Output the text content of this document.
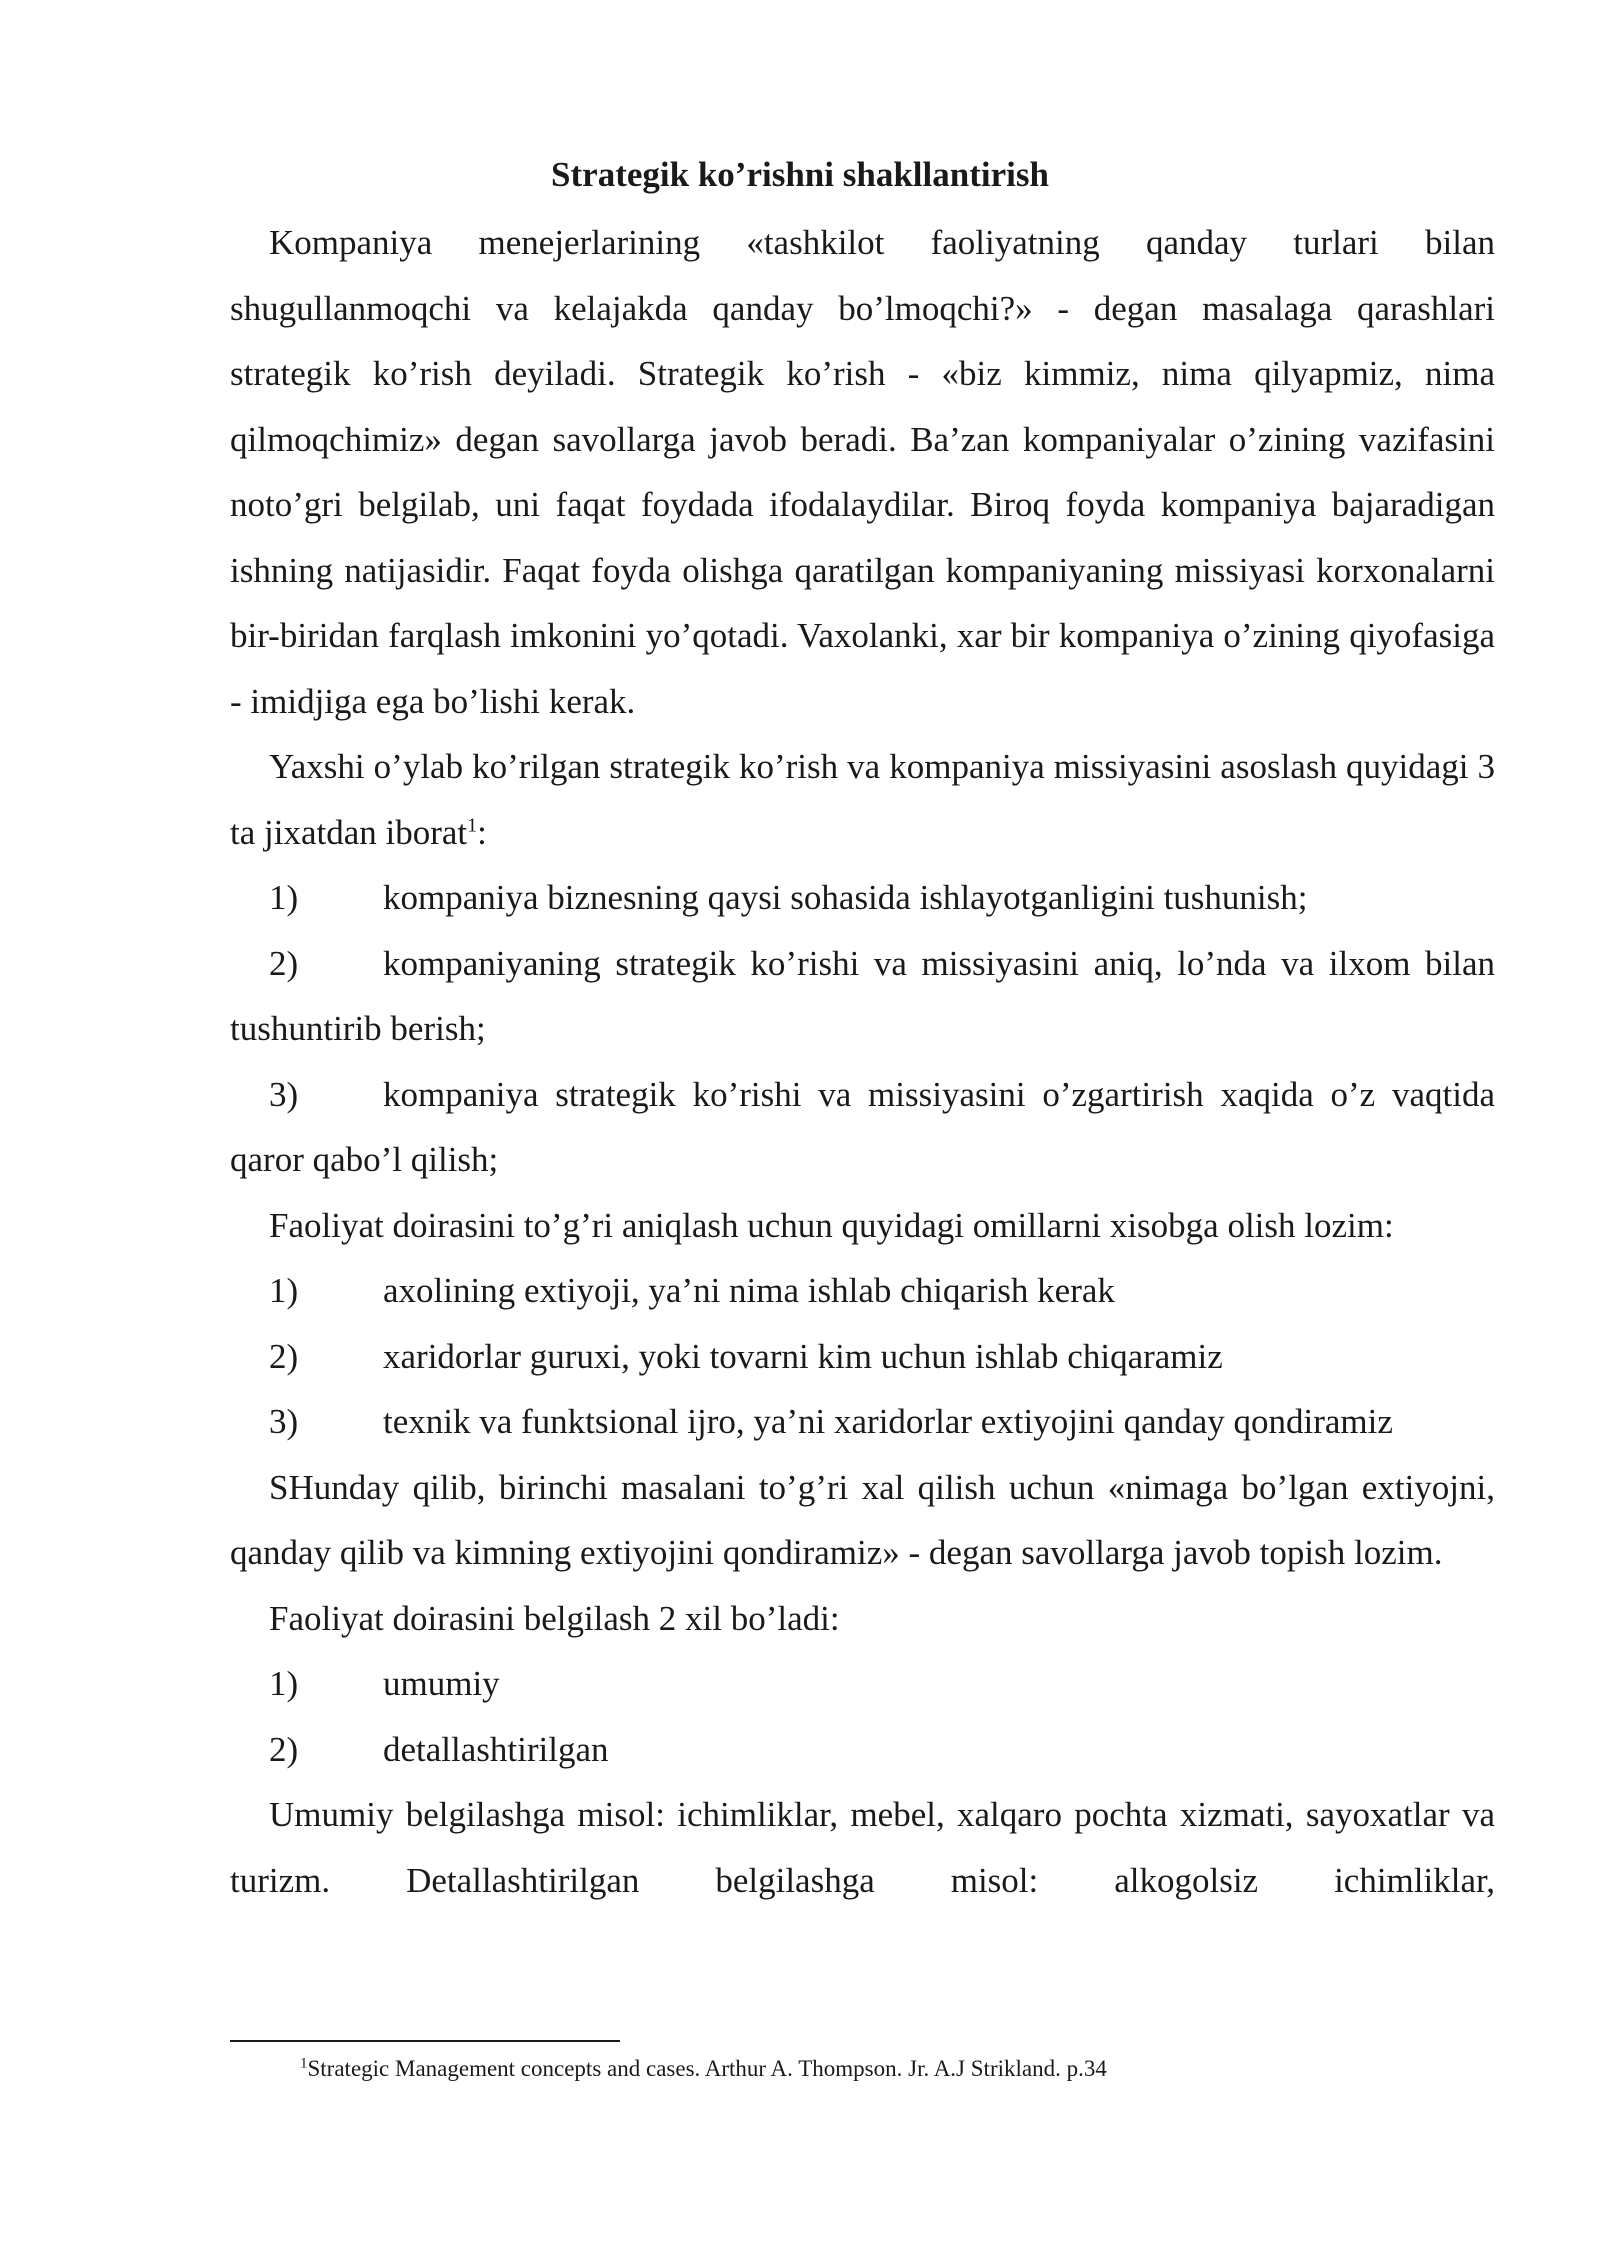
Strategik ko’rishni shakllantirish

Kompaniya menejerlarining «tashkilot faoliyatning qanday turlari bilan shugullanmoqchi va kelajakda qanday bo’lmoqchi?» - degan masalaga qarashlari strategik ko’rish deyiladi. Strategik ko’rish - «biz kimmiz, nima qilyapmiz, nima qilmoqchimiz» degan savollarga javob beradi. Ba’zan kompaniyalar o’zining vazifasini noto’gri belgilab, uni faqat foydada ifodalaydilar. Biroq foyda kompaniya bajaradigan ishning natijasidir. Faqat foyda olishga qaratilgan kompaniyaning missiyasi korxonalarni bir-biridan farqlash imkonini yo’qotadi. Vaxolanki, xar bir kompaniya o’zining qiyofasiga - imidjiga ega bo’lishi kerak.

Yaxshi o’ylab ko’rilgan strategik ko’rish va kompaniya missiyasini asoslash quyidagi 3 ta jixatdan iborat$^1$:

1) kompaniya biznesning qaysi sohasida ishlayotganligini tushunish;

2) kompaniyaning strategik ko’rishi va missiyasini aniq, lo’nda va ilxom bilan tushuntirib berish;

3) kompaniya strategik ko’rishi va missiyasini o’zgartirish xaqida o’z vaqtida qaror qabo’l qilish;

Faoliyat doirasini to’g’ri aniqlash uchun quyidagi omillarni xisobga olish lozim:

1) axolining extiyoji, ya’ni nima ishlab chiqarish kerak

2) xaridorlar guruxi, yoki tovarni kim uchun ishlab chiqaramiz

3) texnik va funktsional ijro, ya’ni xaridorlar extiyojini qanday qondiramiz

SHunday qilib, birinchi masalani to’g’ri xal qilish uchun «nimaga bo’lgan extiyojni, qanday qilib va kimning extiyojini qondiramiz» - degan savollarga javob topish lozim.

Faoliyat doirasini belgilash 2 xil bo’ladi:

1) umumiy

2) detallashtirilgan

Umumiy belgilashga misol: ichimliklar, mebel, xalqaro pochta xizmati, sayoxatlar va turizm. Detallashtirilgan belgilashga misol: alkogolsiz ichimliklar,

$^1$Strategic Management concepts and cases. Arthur A. Thompson. Jr. A.J Strikland. p.34
